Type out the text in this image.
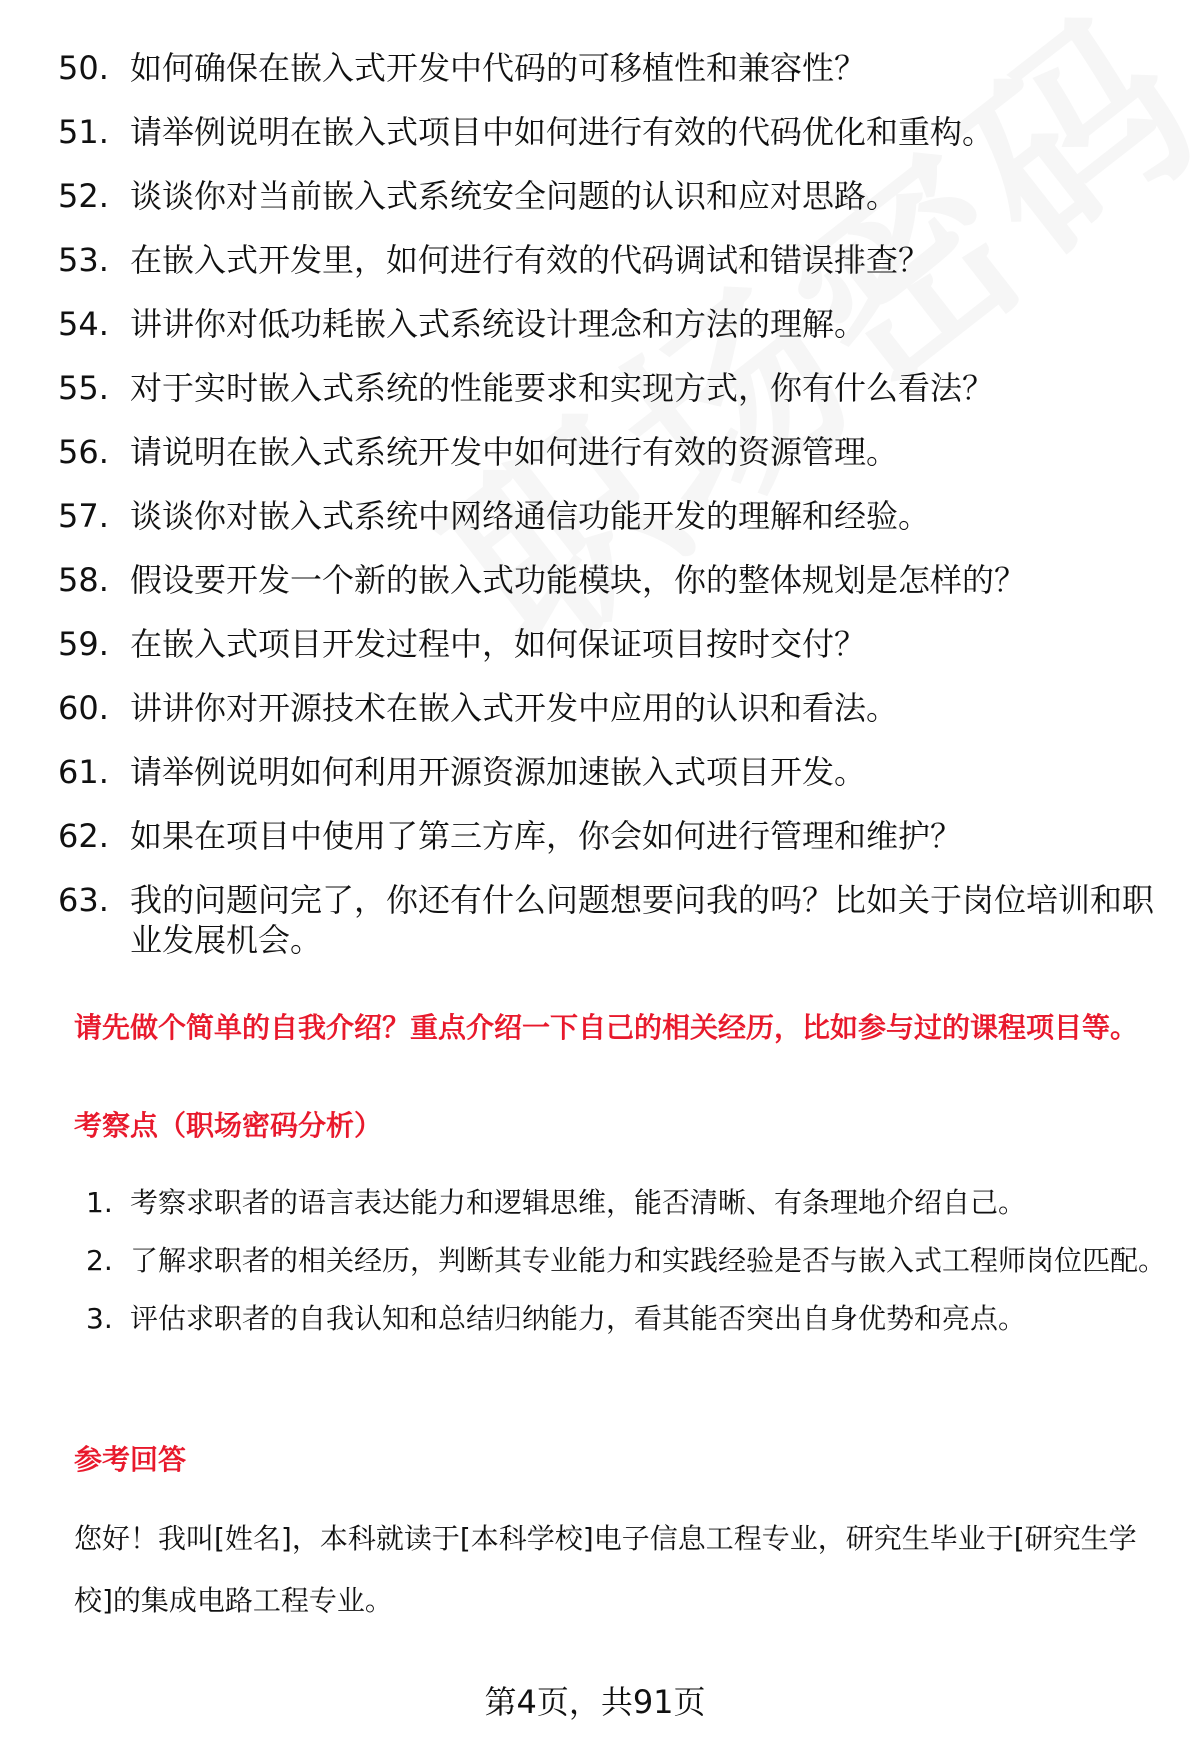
50. 如何确保在嵌入式开发中代码的可移植性和兼容性？
51. 请举例说明在嵌入式项目中如何进行有效的代码优化和重构。
52. 谈谈你对当前嵌入式系统安全问题的认识和应对思路。
53. 在嵌入式开发里，如何进行有效的代码调试和错误排查？
54. 讲讲你对低功耗嵌入式系统设计理念和方法的理解。
55. 对于实时嵌入式系统的性能要求和实现方式，你有什么看法？
56. 请说明在嵌入式系统开发中如何进行有效的资源管理。
57. 谈谈你对嵌入式系统中网络通信功能开发的理解和经验。
58. 假设要开发一个新的嵌入式功能模块，你的整体规划是怎样的？
59. 在嵌入式项目开发过程中，如何保证项目按时交付？
60. 讲讲你对开源技术在嵌入式开发中应用的认识和看法。
61. 请举例说明如何利用开源资源加速嵌入式项目开发。
62. 如果在项目中使用了第三方库，你会如何进行管理和维护？
63. 我的问题问完了，你还有什么问题想要问我的吗？比如关于岗位培训和职业发展机会。
请先做个简单的自我介绍？重点介绍一下自己的相关经历，比如参与过的课程项目等。
考察点（职场密码分析）
1. 考察求职者的语言表达能力和逻辑思维，能否清晰、有条理地介绍自己。
2. 了解求职者的相关经历，判断其专业能力和实践经验是否与嵌入式工程师岗位匹配。
3. 评估求职者的自我认知和总结归纳能力，看其能否突出自身优势和亮点。
参考回答

您好！我叫[姓名]，本科就读于[本科学校]电子信息工程专业，研究生毕业于[研究生学校]的集成电路工程专业。

第4页，共91页
